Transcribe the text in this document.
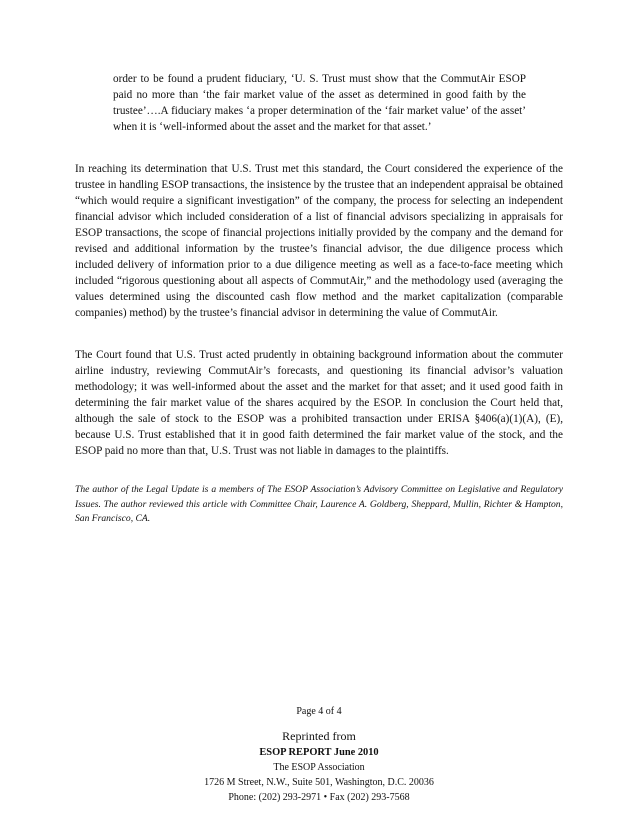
order to be found a prudent fiduciary, ‘U. S. Trust must show that the CommutAir ESOP paid no more than ‘the fair market value of the asset as determined in good faith by the trustee’….A fiduciary makes ‘a proper determination of the ‘fair market value’ of the asset’ when it is ‘well-informed about the asset and the market for that asset.’

In reaching its determination that U.S. Trust met this standard, the Court considered the experience of the trustee in handling ESOP transactions, the insistence by the trustee that an independent appraisal be obtained “which would require a significant investigation” of the company, the process for selecting an independent financial advisor which included consideration of a list of financial advisors specializing in appraisals for ESOP transactions, the scope of financial projections initially provided by the company and the demand for revised and additional information by the trustee’s financial advisor, the due diligence process which included delivery of information prior to a due diligence meeting as well as a face-to-face meeting which included “rigorous questioning about all aspects of CommutAir,” and the methodology used (averaging the values determined using the discounted cash flow method and the market capitalization (comparable companies) method) by the trustee’s financial advisor in determining the value of CommutAir.

The Court found that U.S. Trust acted prudently in obtaining background information about the commuter airline industry, reviewing CommutAir’s forecasts, and questioning its financial advisor’s valuation methodology; it was well-informed about the asset and the market for that asset; and it used good faith in determining the fair market value of the shares acquired by the ESOP. In conclusion the Court held that, although the sale of stock to the ESOP was a prohibited transaction under ERISA §406(a)(1)(A), (E), because U.S. Trust established that it in good faith determined the fair market value of the stock, and the ESOP paid no more than that, U.S. Trust was not liable in damages to the plaintiffs.

The author of the Legal Update is a members of The ESOP Association’s Advisory Committee on Legislative and Regulatory Issues. The author reviewed this article with Committee Chair, Laurence A. Goldberg, Sheppard, Mullin, Richter & Hampton, San Francisco, CA.

Page 4 of 4

Reprinted from

ESOP REPORT June 2010

The ESOP Association

1726 M Street, N.W., Suite 501, Washington, D.C. 20036

Phone: (202) 293-2971 • Fax (202) 293-7568
